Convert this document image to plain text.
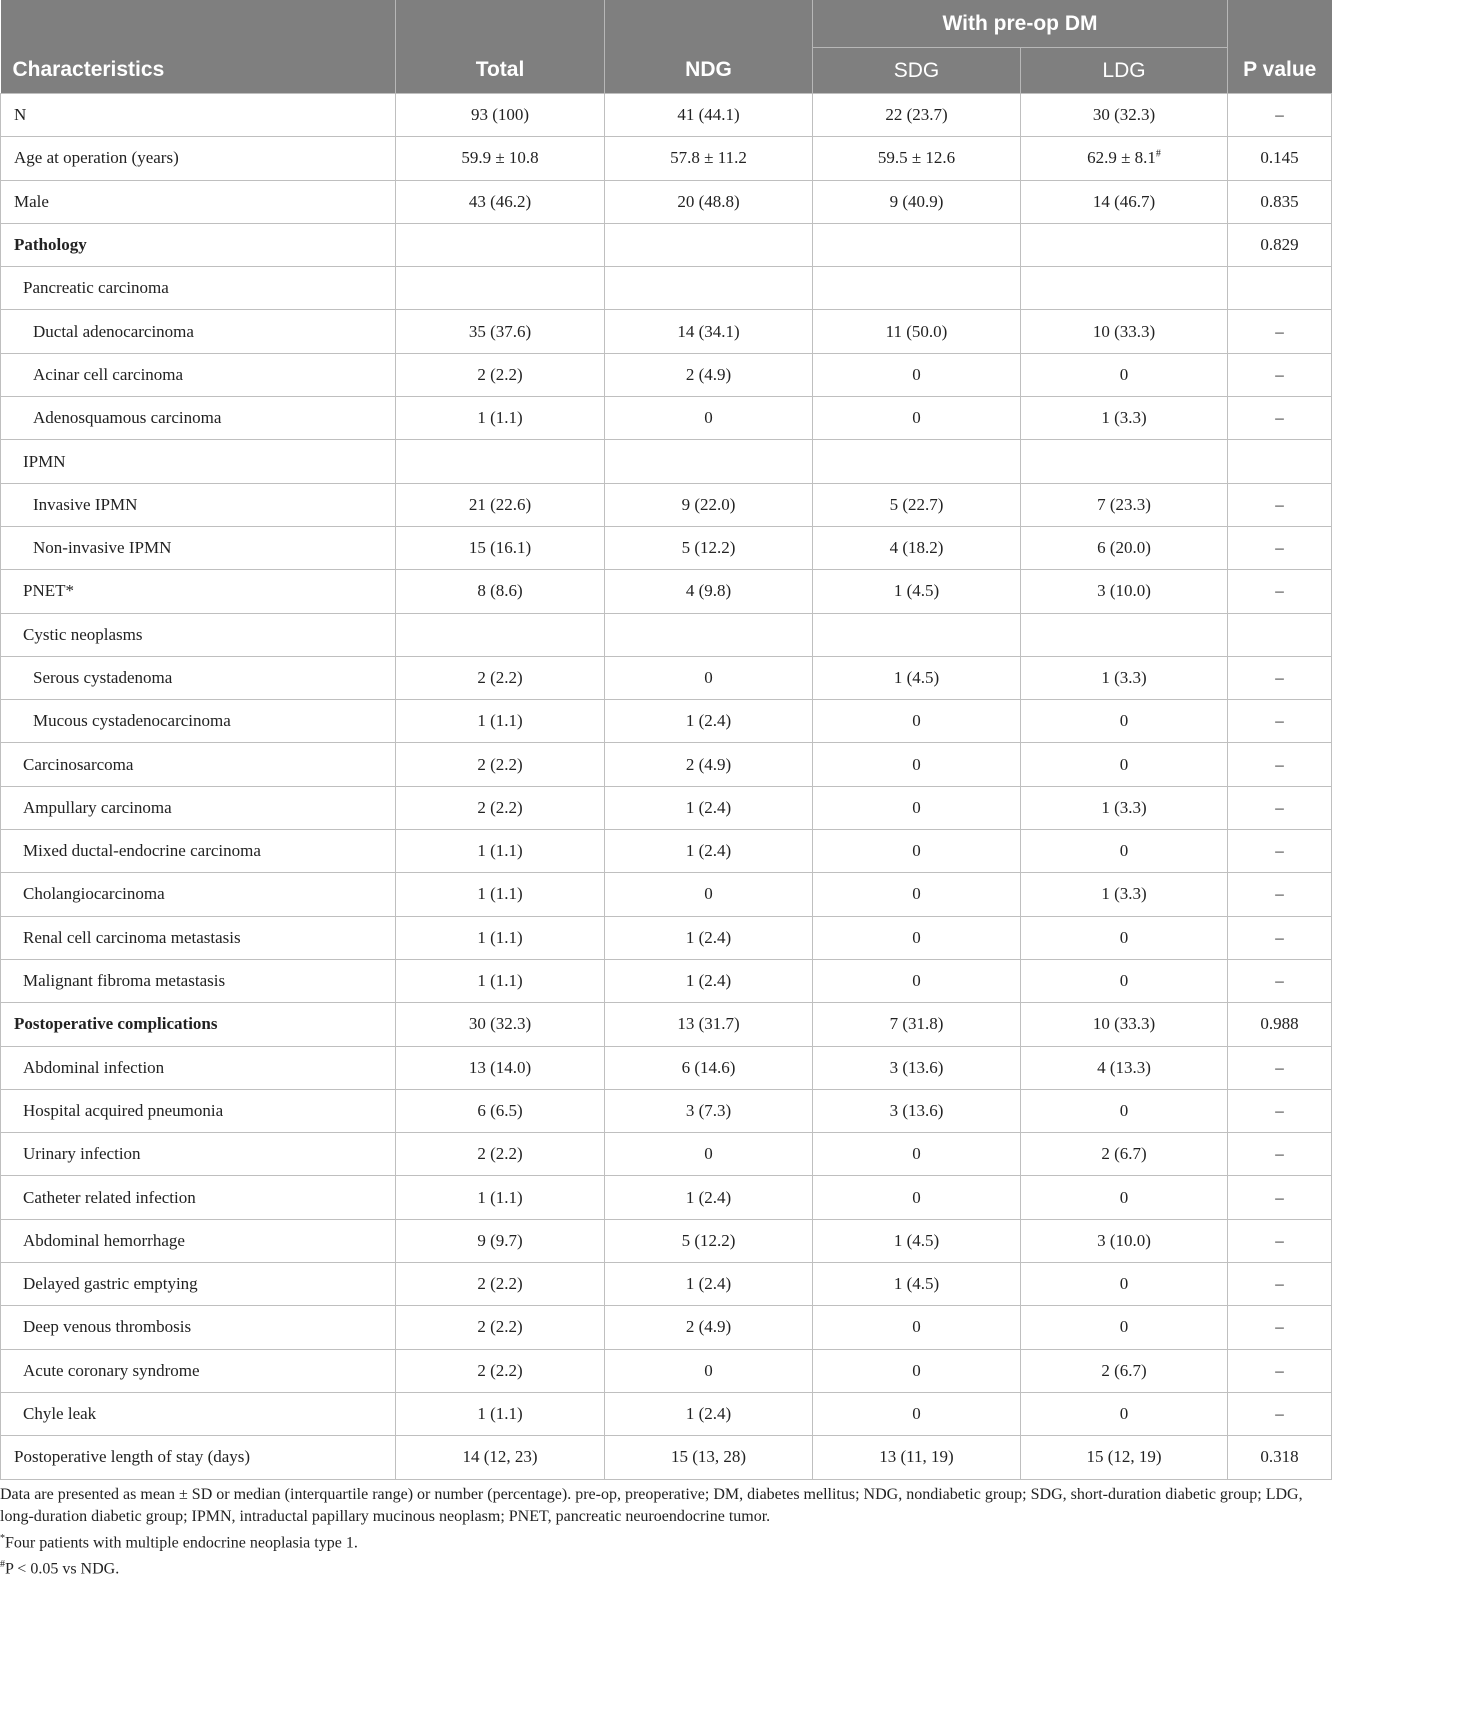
Characteristics	Total	NDG	With pre-op DM		P value
			SDG	LDG	
N	93 (100)	41 (44.1)	22 (23.7)	30 (32.3)	–
Age at operation (years)	59.9 ± 10.8	57.8 ± 11.2	59.5 ± 12.6	62.9 ± 8.1#	0.145
Male	43 (46.2)	20 (48.8)	9 (40.9)	14 (46.7)	0.835
Pathology					0.829
Pancreatic carcinoma					
Ductal adenocarcinoma	35 (37.6)	14 (34.1)	11 (50.0)	10 (33.3)	–
Acinar cell carcinoma	2 (2.2)	2 (4.9)	0	0	–
Adenosquamous carcinoma	1 (1.1)	0	0	1 (3.3)	–
IPMN					
Invasive IPMN	21 (22.6)	9 (22.0)	5 (22.7)	7 (23.3)	–
Non-invasive IPMN	15 (16.1)	5 (12.2)	4 (18.2)	6 (20.0)	–
PNET*	8 (8.6)	4 (9.8)	1 (4.5)	3 (10.0)	–
Cystic neoplasms					
Serous cystadenoma	2 (2.2)	0	1 (4.5)	1 (3.3)	–
Mucous cystadenocarcinoma	1 (1.1)	1 (2.4)	0	0	–
Carcinosarcoma	2 (2.2)	2 (4.9)	0	0	–
Ampullary carcinoma	2 (2.2)	1 (2.4)	0	1 (3.3)	–
Mixed ductal-endocrine carcinoma	1 (1.1)	1 (2.4)	0	0	–
Cholangiocarcinoma	1 (1.1)	0	0	1 (3.3)	–
Renal cell carcinoma metastasis	1 (1.1)	1 (2.4)	0	0	–
Malignant fibroma metastasis	1 (1.1)	1 (2.4)	0	0	–
Postoperative complications	30 (32.3)	13 (31.7)	7 (31.8)	10 (33.3)	0.988
Abdominal infection	13 (14.0)	6 (14.6)	3 (13.6)	4 (13.3)	–
Hospital acquired pneumonia	6 (6.5)	3 (7.3)	3 (13.6)	0	–
Urinary infection	2 (2.2)	0	0	2 (6.7)	–
Catheter related infection	1 (1.1)	1 (2.4)	0	0	–
Abdominal hemorrhage	9 (9.7)	5 (12.2)	1 (4.5)	3 (10.0)	–
Delayed gastric emptying	2 (2.2)	1 (2.4)	1 (4.5)	0	–
Deep venous thrombosis	2 (2.2)	2 (4.9)	0	0	–
Acute coronary syndrome	2 (2.2)	0	0	2 (6.7)	–
Chyle leak	1 (1.1)	1 (2.4)	0	0	–
Postoperative length of stay (days)	14 (12, 23)	15 (13, 28)	13 (11, 19)	15 (12, 19)	0.318

Data are presented as mean ± SD or median (interquartile range) or number (percentage). pre-op, preoperative; DM, diabetes mellitus; NDG, nondiabetic group; SDG, short-duration diabetic group; LDG, long-duration diabetic group; IPMN, intraductal papillary mucinous neoplasm; PNET, pancreatic neuroendocrine tumor.

*Four patients with multiple endocrine neoplasia type 1.

#P < 0.05 vs NDG.
